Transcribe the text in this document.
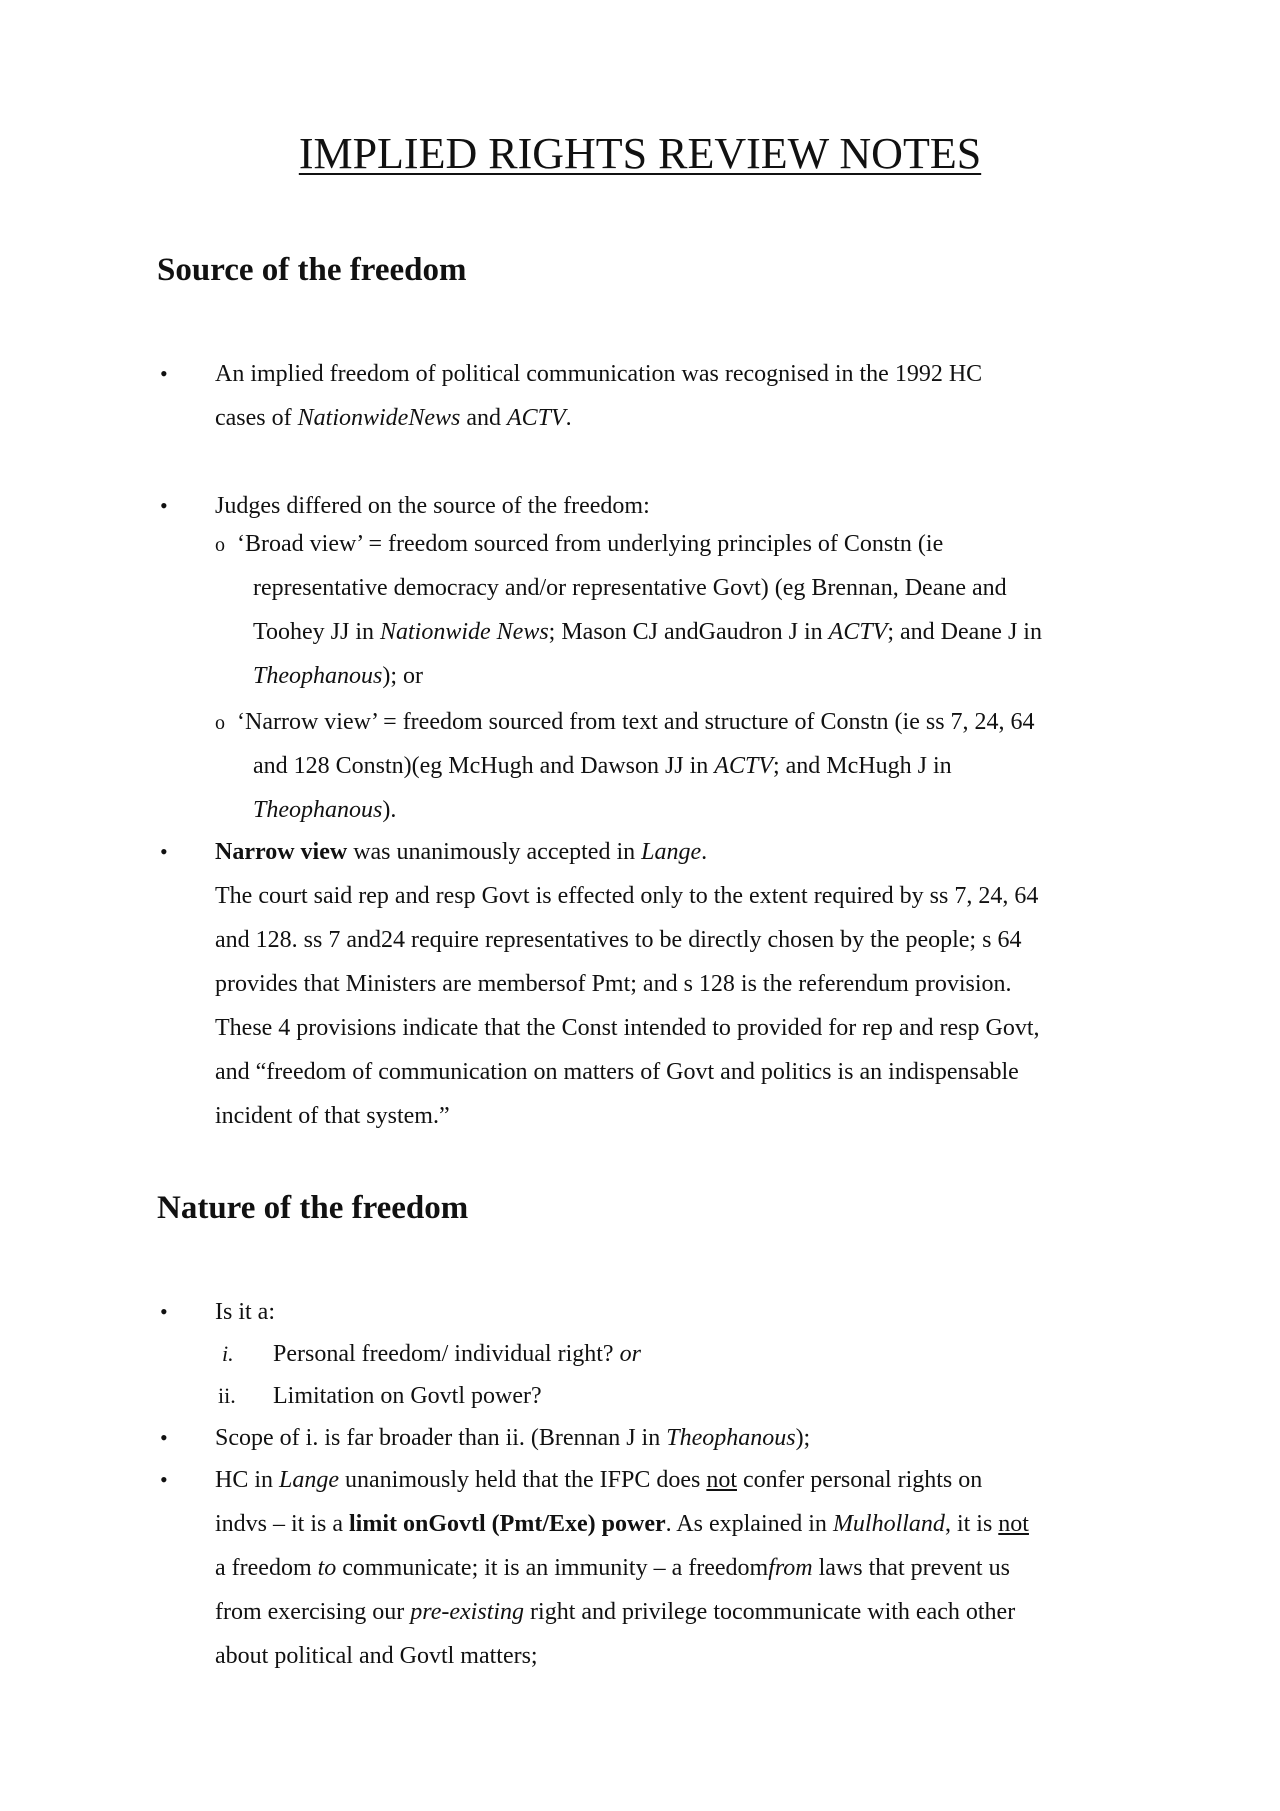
IMPLIED RIGHTS REVIEW NOTES
Source of the freedom
• An implied freedom of political communication was recognised in the 1992 HC
cases of NationwideNews and ACTV.

• Judges differed on the source of the freedom:

o ‘Broad view’ = freedom sourced from underlying principles of Constn (ie

representative democracy and/or representative Govt) (eg Brennan, Deane and
Toohey JJ in Nationwide News; Mason CJ andGaudron J in ACTV; and Deane J in
Theophanous); or

o ‘Narrow view’ = freedom sourced from text and structure of Constn (ie ss 7, 24, 64

and 128 Constn)(eg McHugh and Dawson JJ in ACTV; and McHugh J in
Theophanous).

• Narrow view was unanimously accepted in Lange.
The court said rep and resp Govt is effected only to the extent required by ss 7, 24, 64
and 128. ss 7 and24 require representatives to be directly chosen by the people; s 64
provides that Ministers are membersof Pmt; and s 128 is the referendum provision.
These 4 provisions indicate that the Const intended to provided for rep and resp Govt,
and “freedom of communication on matters of Govt and politics is an indispensable
incident of that system.”

Nature of the freedom
• Is it a:

i. Personal freedom/ individual right? or

ii. Limitation on Govtl power?

• Scope of i. is far broader than ii. (Brennan J in Theophanous);

• HC in Lange unanimously held that the IFPC does not confer personal rights on
indvs – it is a limit onGovtl (Pmt/Exe) power. As explained in Mulholland, it is not
a freedom to communicate; it is an immunity – a freedomfrom laws that prevent us
from exercising our pre-existing right and privilege tocommunicate with each other
about political and Govtl matters;
